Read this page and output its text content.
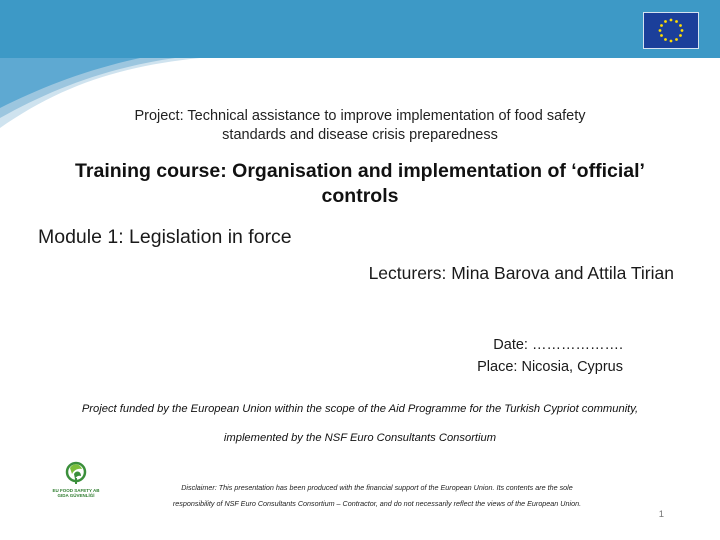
Project: Technical assistance to improve implementation of food safety
standards and disease crisis preparedness
Training course: Organisation and implementation of ‘official’
controls
Module 1: Legislation in force
Lecturers: Mina Barova and Attila Tirian
Date: ……………….
Place: Nicosia, Cyprus
Project funded by the European Union within the scope of the Aid Programme for the Turkish Cypriot community,
implemented by the NSF Euro Consultants Consortium
EU FOOD SAFETY AB GIDA GÜVENLİĞİ
Disclaimer: This presentation has been produced with the financial support of the European Union. Its contents are the sole
responsibility of NSF Euro Consultants Consortium – Contractor, and do not necessarily reflect the views of the European Union.
1
